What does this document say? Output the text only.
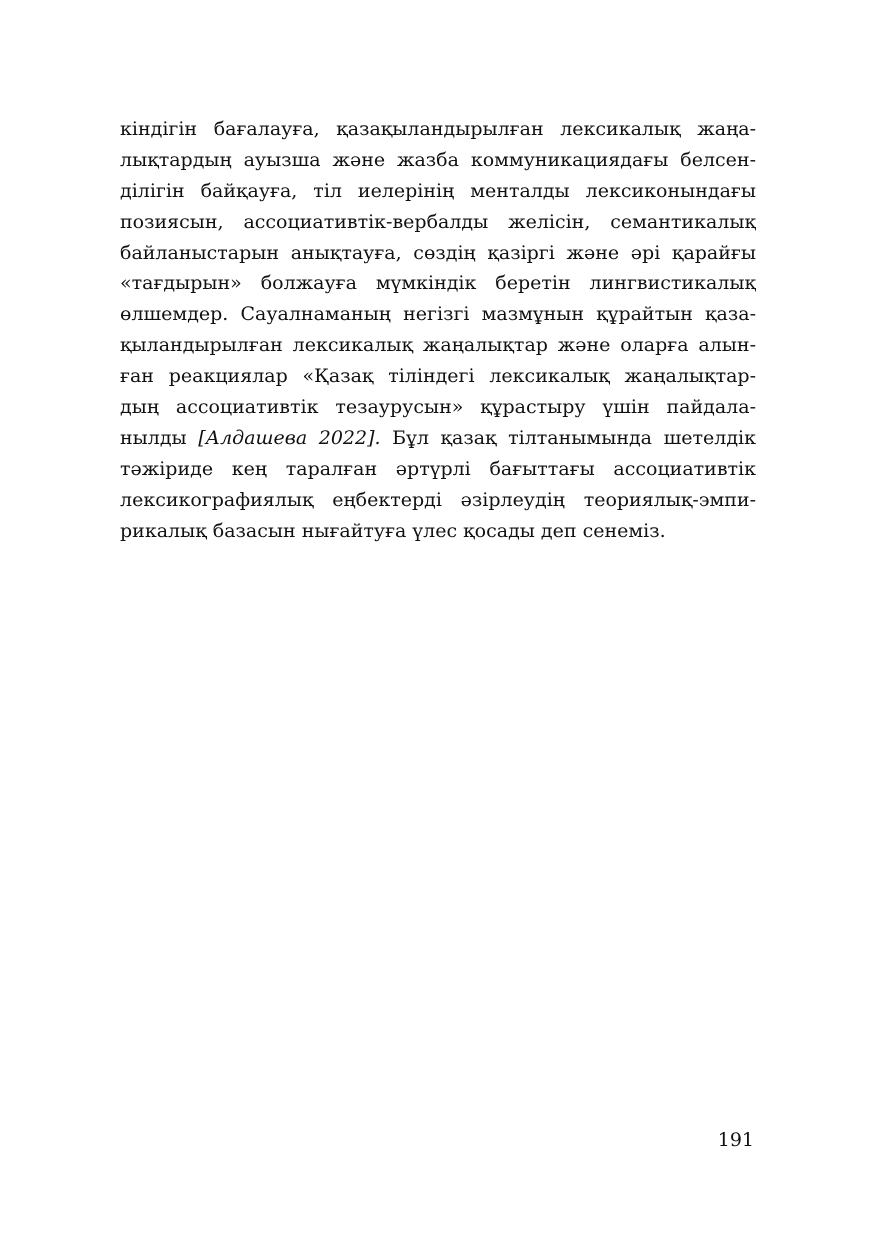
кіндігін бағалауға, қазақыландырылған лексикалық жаңа-
лықтардың ауызша және жазба коммуникациядағы белсен-
ділігін байқауға, тіл иелерінің менталды лексиконындағы
позиясын, ассоциативтік-вербалды желісін, семантикалық
байланыстарын анықтауға, сөздің қазіргі және әрі қарайғы
«тағдырын» болжауға мүмкіндік беретін лингвистикалық
өлшемдер. Сауалнаманың негізгі мазмұнын құрайтын қаза-
қыландырылған лексикалық жаңалықтар және оларға алын-
ған реакциялар «Қазақ тіліндегі лексикалық жаңалықтар-
дың ассоциативтік тезаурусын» құрастыру үшін пайдала-
нылды [Алдашева 2022]. Бұл қазақ тілтанымында шетелдік
тәжіриде кең таралған әртүрлі бағыттағы ассоциативтік
лексикографиялық еңбектерді әзірлеудің теориялық-эмпи-
рикалық базасын нығайтуға үлес қосады деп сенеміз.
191
